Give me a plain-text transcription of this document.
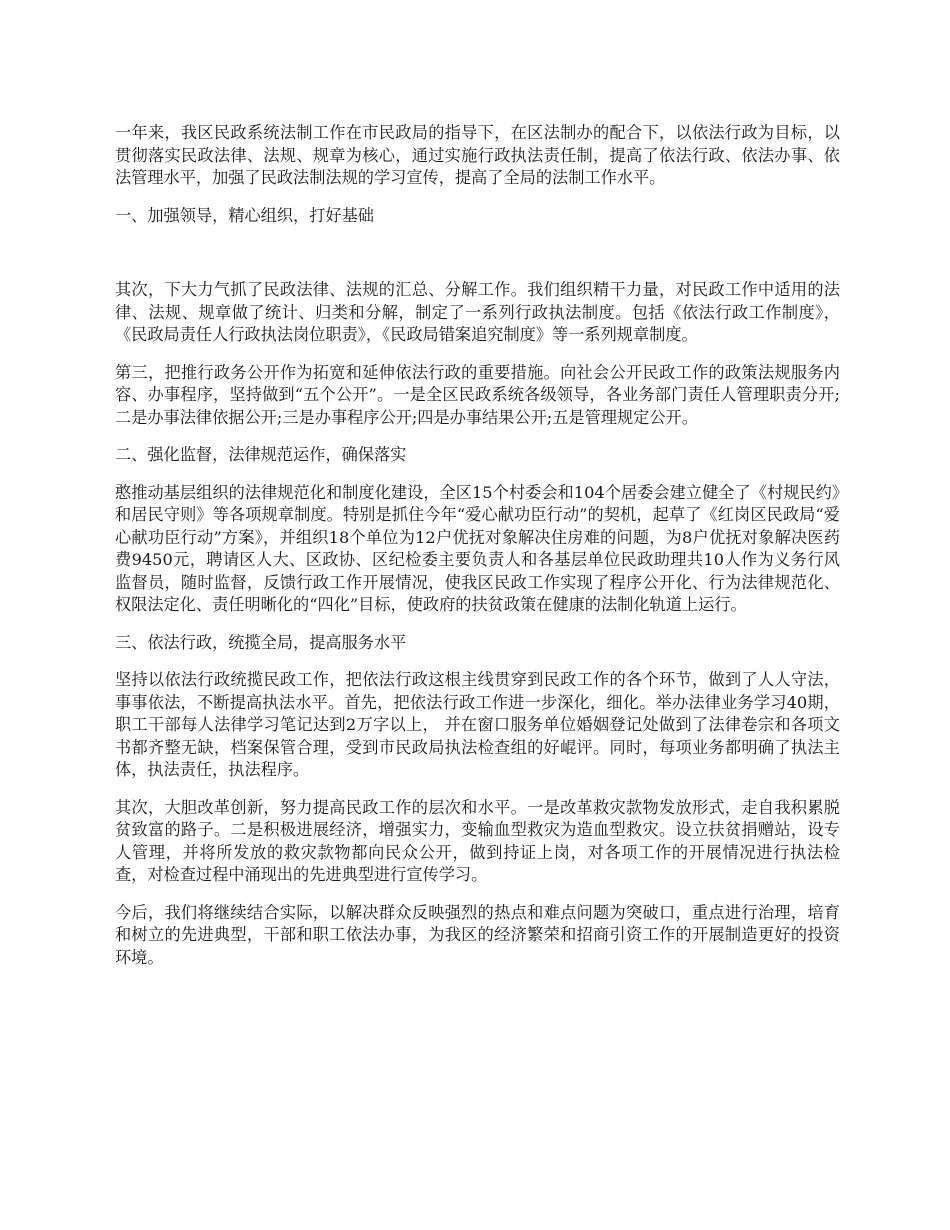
一年来，我区民政系统法制工作在市民政局的指导下，在区法制办的配合下，以依法行政为目标，以贯彻落实民政法律、法规、规章为核心，通过实施行政执法责任制，提高了依法行政、依法办事、依法管理水平，加强了民政法制法规的学习宣传，提高了全局的法制工作水平。

一、加强领导，精心组织，打好基础

其次，下大力气抓了民政法律、法规的汇总、分解工作。我们组织精干力量，对民政工作中适用的法律、法规、规章做了统计、归类和分解，制定了一系列行政执法制度。包括《依法行政工作制度》，《民政局责任人行政执法岗位职责》，《民政局错案追究制度》等一系列规章制度。

第三，把推行政务公开作为拓宽和延伸依法行政的重要措施。向社会公开民政工作的政策法规服务内容、办事程序，坚持做到“五个公开”。一是全区民政系统各级领导，各业务部门责任人管理职责分开;二是办事法律依据公开;三是办事程序公开;四是办事结果公开;五是管理规定公开。

二、强化监督，法律规范运作，确保落实

憨推动基层组织的法律规范化和制度化建设，全区15个村委会和104个居委会建立健全了《村规民约》和居民守则》等各项规章制度。特别是抓住今年“爱心献功臣行动”的契机，起草了《红岗区民政局“爱心献功臣行动”方案》，并组织18个单位为12户优抚对象解决住房难的问题，为8户优抚对象解决医药费9450元，聘请区人大、区政协、区纪检委主要负责人和各基层单位民政助理共10人作为义务行风监督员，随时监督，反馈行政工作开展情况，使我区民政工作实现了程序公开化、行为法律规范化、权限法定化、责任明晰化的“四化”目标，使政府的扶贫政策在健康的法制化轨道上运行。

三、依法行政，统揽全局，提高服务水平

坚持以依法行政统揽民政工作，把依法行政这根主线贯穿到民政工作的各个环节，做到了人人守法，事事依法，不断提高执法水平。首先，把依法行政工作进一步深化，细化。举办法律业务学习40期，职工干部每人法律学习笔记达到2万字以上， 并在窗口服务单位婚姻登记处做到了法律卷宗和各项文书都齐整无缺，档案保管合理，受到市民政局执法检查组的好崐评。同时，每项业务都明确了执法主体，执法责任，执法程序。

其次，大胆改革创新，努力提高民政工作的层次和水平。一是改革救灾款物发放形式，走自我积累脱贫致富的路子。二是积极进展经济，增强实力，变输血型救灾为造血型救灾。设立扶贫捐赠站，设专人管理，并将所发放的救灾款物都向民众公开，做到持证上岗，对各项工作的开展情况进行执法检查，对检查过程中涌现出的先进典型进行宣传学习。

今后，我们将继续结合实际，以解决群众反映强烈的热点和难点问题为突破口，重点进行治理，培育和树立的先进典型，干部和职工依法办事，为我区的经济繁荣和招商引资工作的开展制造更好的投资环境。
